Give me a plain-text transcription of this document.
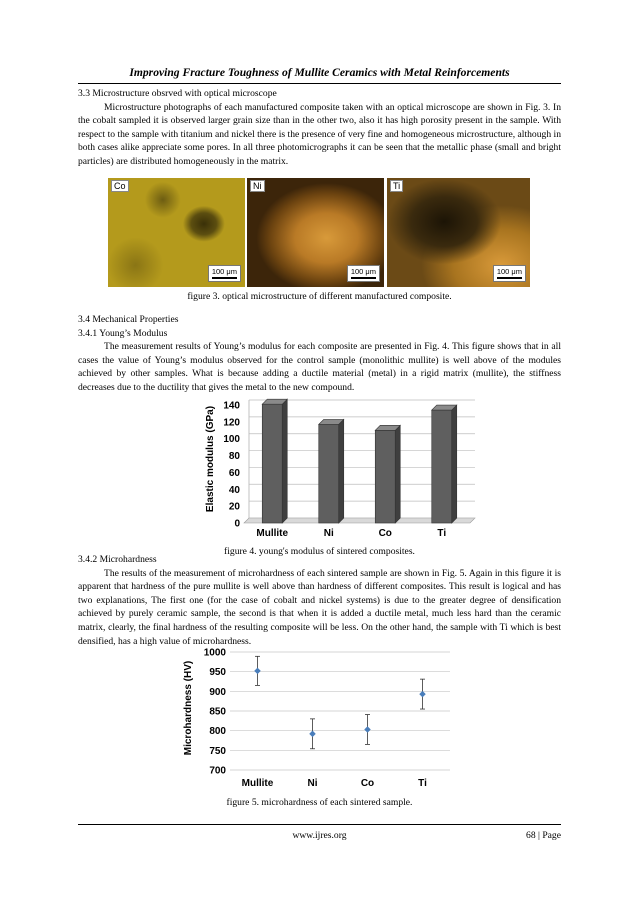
Improving Fracture Toughness of Mullite Ceramics with Metal Reinforcements

3.3 Microstructure obsrved with optical microscope

Microstructure photographs of each manufactured composite taken with an optical microscope are shown in Fig. 3. In the cobalt sampled it is observed larger grain size than in the other two, also it has high porosity present in the sample. With respect to the sample with titanium and nickel there is the presence of very fine and homogeneous microstructure, although in both cases alike appreciate some pores. In all three photomicrographs it can be seen that the metallic phase (small and bright particles) are distributed homogeneously in the matrix.

Co
100 μm
Ni
100 μm
Ti
100 μm
figure 3. optical microstructure of different manufactured composite.

3.4 Mechanical Properties

3.4.1 Young’s Modulus

The measurement results of Young’s modulus for each composite are presented in Fig. 4. This figure shows that in all cases the value of Young’s modulus observed for the control sample (monolithic mullite) is well above of the modules achieved by other samples. What is because adding a ductile material (metal) in a rigid matrix (mullite), the stiffness decreases due to the ductility that gives the metal to the new compound.

0
20
40
60
80
100
120
140
Mullite	Ni	Co	Ti
Elastic modulus (GPa)
figure 4. young's modulus of sintered composites.

3.4.2 Microhardness

The results of the measurement of microhardness of each sintered sample are shown in Fig. 5. Again in this figure it is apparent that hardness of the pure mullite is well above than hardness of different composites. This result is logical and has two explanations, The first one (for the case of cobalt and nickel systems) is due to the greater degree of densification achieved by purely ceramic sample, the second is that when it is added a ductile metal, much less hard than the ceramic matrix, clearly, the final hardness of the resulting composite will be less. On the other hand, the sample with Ti which is best densified, has a high value of microhardness.

700
750
800
850
900
950
1000
Mullite	Ni	Co	Ti
Microhardness (HV)
figure 5. microhardness of each sintered sample.
www.ijres.org	68 | Page
